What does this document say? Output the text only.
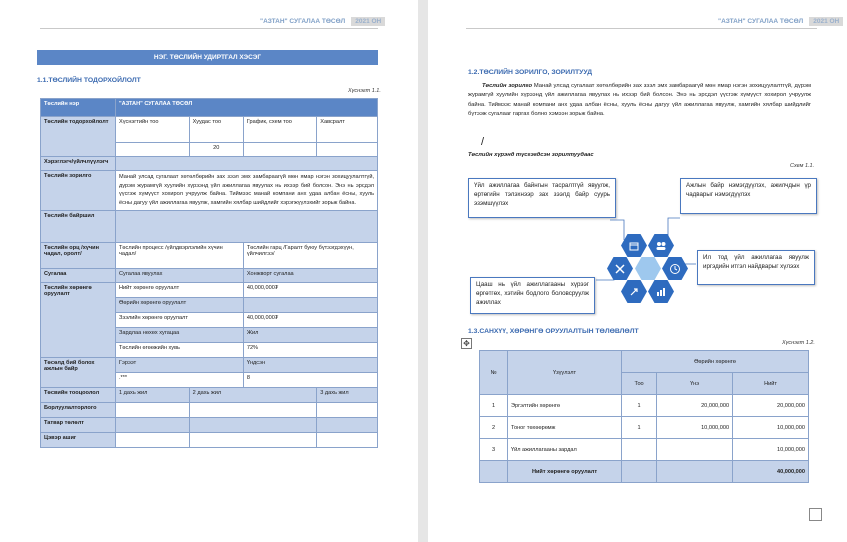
"АЗТАН" СУГАЛАА ТӨСӨЛ	2021 ОН
НЭГ. ТӨСЛИЙН УДИРТГАЛ ХЭСЭГ
1.1.ТӨСЛИЙН ТОДОРХОЙЛОЛТ
Хүснэгт 1.1.
Төслийн нэр	"АЗТАН" СУГАЛАА ТӨСӨЛ			
Төслийн тодорхойлолт	Хүснэгтийн тоо	Хуудас тоо	График, схем тоо	Хавсралт
		20		
Хэрэглэгч/үйлчлүүлэгч				
Төслийн зорилго	Манай улсад сугалаат хөтөлбөрийн зах зээл эмх замбараагүй мөн ямар нэгэн зохицуулалтгүй, дүрэм журамгүй хуулийн хүрээнд үйл ажиллагаа явуулах нь ихээр бий болсон. Энэ нь эрсдэл үүсгэж хүмүүст хохирол учруулж байна. Тиймээс манай компани анх удаа албан ёсны, хууль ёсны дагуу үйл ажиллагаа явуулж, хамгийн хялбар шийдлийг хэрэгжүүлэхийг зорьж байна.			
Төслийн байршил				
Төслийн орц /хүчин чадал, оролт/	Төслийн процесс /үйлдвэрлэлийн хүчин чадал/		Төслийн гарц /Гаралт буюу бүтээгдэхүүн, үйлчилгээ/	
Сугалаа	Сугалаа явуулах		Хонжворт сугалаа	
Төслийн хөрөнгө оруулалт	Нийт хөрөнгө оруулалт		40,000,000₮	
	Өөрийн хөрөнгө оруулалт			
	Зээлийн хөрөнгө оруулалт		40,000,000₮	
	Зардлаа нөхөх хугацаа		Жил	
	Төслийн өгөөжийн хувь		72%	
Төсөлд бий болох ажлын байр	Гэрээт		Үндсэн	
	.***		8	
Төсвийн тооцоолол	1 дахь жил	2 дахь жил		3 дахь жил
Борлуулалторлого				
Татвар төлөлт				
Цэвэр ашиг				
"АЗТАН" СУГАЛАА ТӨСӨЛ	2021 ОН
1.2.ТӨСЛИЙН ЗОРИЛГО, ЗОРИЛТУУД
Төслийн зорилго Манай улсад сугалаат хөтөлбөрийн зах зээл эмх замбараагүй мөн ямар нэгэн зохицуулалтгүй, дүрэм журамгүй хуулийн хүрээнд үйл ажиллагаа явуулах нь ихээр бий болсон. Энэ нь эрсдэл үүсгэж хүмүүст хохирол учруулж байна. Тиймээс манай компани анх удаа албан ёсны, хууль ёсны дагуу үйл ажиллагаа явуулж, хамгийн хялбар шийдлийг бүтээж сугалааг гаргах болно хэмээн зорьж байна.
/
Төслийн хүрэнд түсгэгдсэн зорилтуудаас
Схем 1.1.
Үйл ажиллагаа байнгын тасралтгүй явуулж, өртөгийн тэлэхнээр зах зээлд байр суурь эзэмшүүлэх
Ажлын байр нэмэгдүүлэх, ажилчдын үр чадварыг нэмэгдүүлэх
Цааш нь үйл ажиллагааны хүрээг өргөтгөх, хэтийн бодлого боловсруулж ажиллах
Ил тод үйл ажиллагаа явуулж иргэдийн итгэл найдварыг хүлээх
1.3.САНХҮҮ, ХӨРӨНГӨ ОРУУЛАЛТЫН ТӨЛӨВЛӨЛТ
Хүснэгт 1.2.
✥
№	Үзүүлэлт	Өөрийн хөрөнгө		
		Тоо	Үнэ	Нийт
1	Эргэлтийн хөрөнгө	1	20,000,000	20,000,000
2	Тоног төхөөрөмж	1	10,000,000	10,000,000
3	Үйл ажиллагааны зардал			10,000,000
	Нийт хөрөнгө оруулалт			40,000,000
